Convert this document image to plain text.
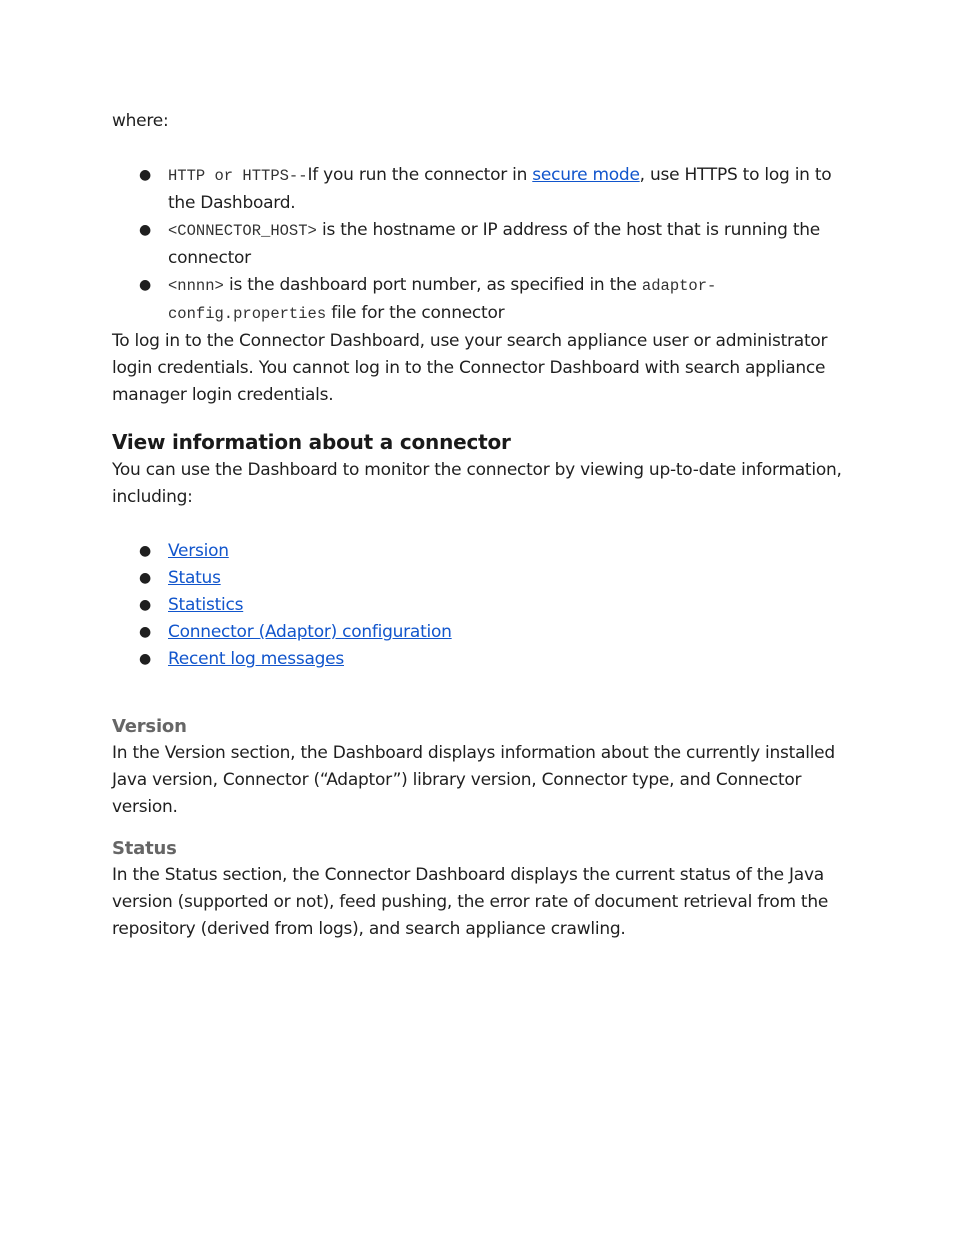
where:

● HTTP or HTTPS--If you run the connector in secure mode, use HTTPS to log in to the Dashboard.
● <CONNECTOR_HOST> is the hostname or IP address of the host that is running the connector
● <nnnn> is the dashboard port number, as specified in the adaptor-config.properties file for the connector

To log in to the Connector Dashboard, use your search appliance user or administrator login credentials. You cannot log in to the Connector Dashboard with search appliance manager login credentials.

View information about a connector

You can use the Dashboard to monitor the connector by viewing up-to-date information, including:

● Version
● Status
● Statistics
● Connector (Adaptor) configuration
● Recent log messages
Version

In the Version section, the Dashboard displays information about the currently installed Java version, Connector (“Adaptor”) library version, Connector type, and Connector version.

Status

In the Status section, the Connector Dashboard displays the current status of the Java version (supported or not), feed pushing, the error rate of document retrieval from the repository (derived from logs), and search appliance crawling.
